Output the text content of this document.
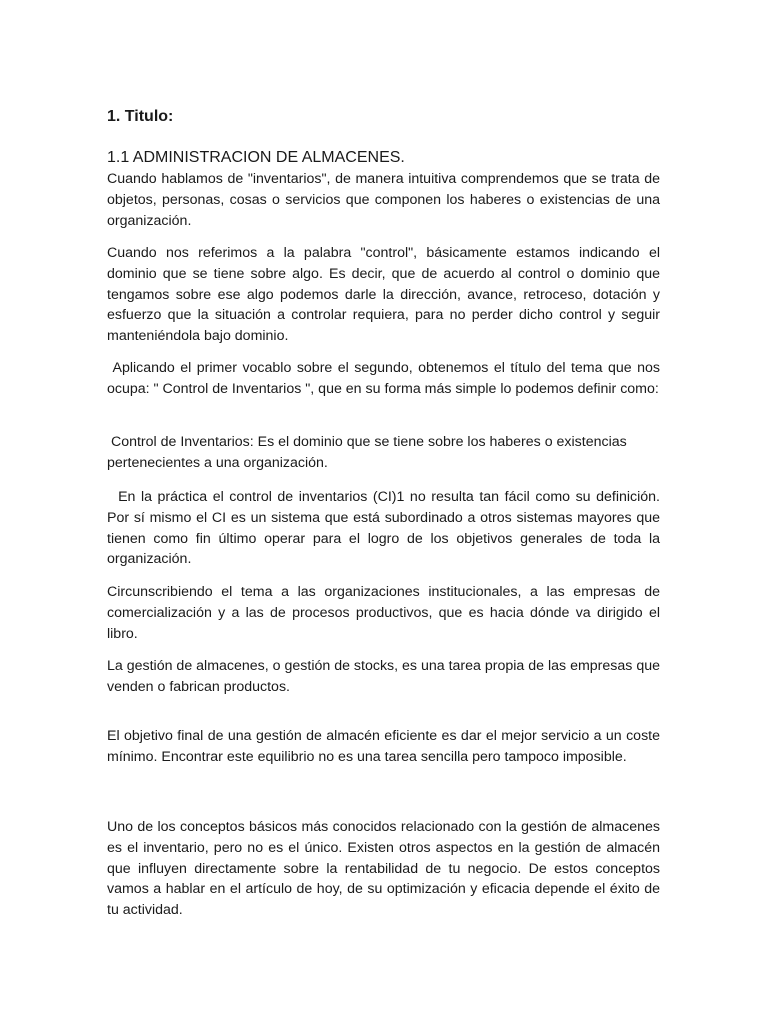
1. Titulo:
1.1 ADMINISTRACION DE ALMACENES.

Cuando hablamos de "inventarios", de manera intuitiva comprendemos que se trata de objetos, personas, cosas o servicios que componen los haberes o existencias de una organización.

Cuando nos referimos a la palabra "control", básicamente estamos indicando el dominio que se tiene sobre algo. Es decir, que de acuerdo al control o dominio que tengamos sobre ese algo podemos darle la dirección, avance, retroceso, dotación y esfuerzo que la situación a controlar requiera, para no perder dicho control y seguir manteniéndola bajo dominio.

Aplicando el primer vocablo sobre el segundo, obtenemos el título del tema que nos ocupa: " Control de Inventarios ", que en su forma más simple lo podemos definir como:

Control de Inventarios: Es el dominio que se tiene sobre los haberes o existencias pertenecientes a una organización.

En la práctica el control de inventarios (CI)1 no resulta tan fácil como su definición. Por sí mismo el CI es un sistema que está subordinado a otros sistemas mayores que tienen como fin último operar para el logro de los objetivos generales de toda la organización.

Circunscribiendo el tema a las organizaciones institucionales, a las empresas de comercialización y a las de procesos productivos, que es hacia dónde va dirigido el libro.

La gestión de almacenes, o gestión de stocks, es una tarea propia de las empresas que venden o fabrican productos.

El objetivo final de una gestión de almacén eficiente es dar el mejor servicio a un coste mínimo. Encontrar este equilibrio no es una tarea sencilla pero tampoco imposible.

Uno de los conceptos básicos más conocidos relacionado con la gestión de almacenes es el inventario, pero no es el único. Existen otros aspectos en la gestión de almacén que influyen directamente sobre la rentabilidad de tu negocio. De estos conceptos vamos a hablar en el artículo de hoy, de su optimización y eficacia depende el éxito de tu actividad.
